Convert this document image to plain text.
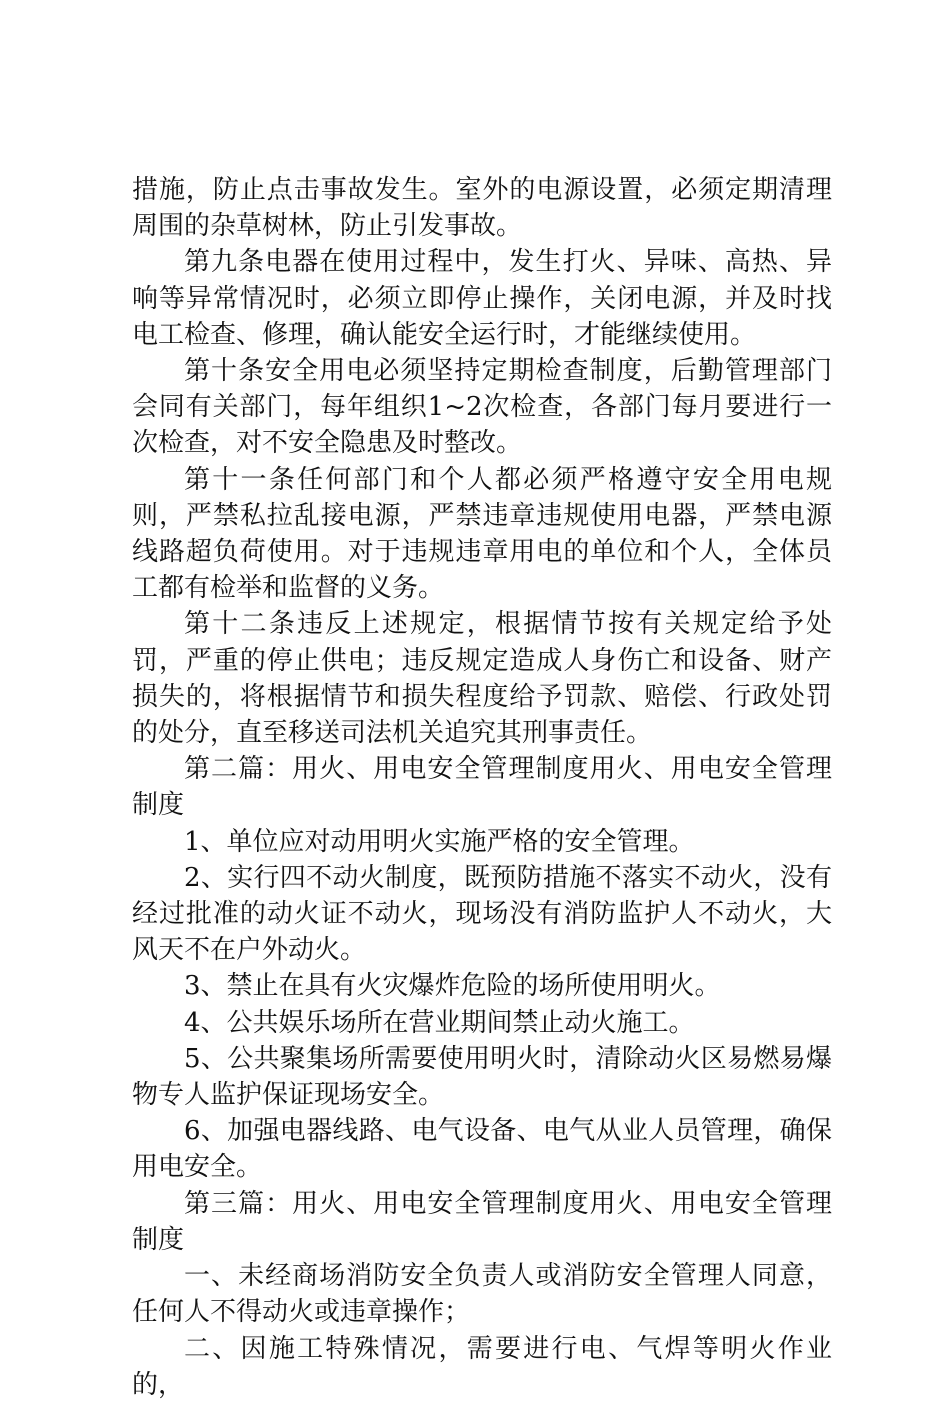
措施，防止点击事故发生。室外的电源设置，必须定期清理周围的杂草树林，防止引发事故。

第九条电器在使用过程中，发生打火、异味、高热、异响等异常情况时，必须立即停止操作，关闭电源，并及时找电工检查、修理，确认能安全运行时，才能继续使用。

第十条安全用电必须坚持定期检查制度，后勤管理部门会同有关部门，每年组织1~2次检查，各部门每月要进行一次检查，对不安全隐患及时整改。

第十一条任何部门和个人都必须严格遵守安全用电规则，严禁私拉乱接电源，严禁违章违规使用电器，严禁电源线路超负荷使用。对于违规违章用电的单位和个人，全体员工都有检举和监督的义务。

第十二条违反上述规定，根据情节按有关规定给予处罚，严重的停止供电；违反规定造成人身伤亡和设备、财产损失的，将根据情节和损失程度给予罚款、赔偿、行政处罚的处分，直至移送司法机关追究其刑事责任。

第二篇：用火、用电安全管理制度用火、用电安全管理制度

1、单位应对动用明火实施严格的安全管理。

2、实行四不动火制度，既预防措施不落实不动火，没有经过批准的动火证不动火，现场没有消防监护人不动火，大风天不在户外动火。

3、禁止在具有火灾爆炸危险的场所使用明火。

4、公共娱乐场所在营业期间禁止动火施工。

5、公共聚集场所需要使用明火时，清除动火区易燃易爆物专人监护保证现场安全。

6、加强电器线路、电气设备、电气从业人员管理，确保用电安全。

第三篇：用火、用电安全管理制度用火、用电安全管理制度

一、未经商场消防安全负责人或消防安全管理人同意，任何人不得动火或违章操作；

二、因施工特殊情况，需要进行电、气焊等明火作业的，
